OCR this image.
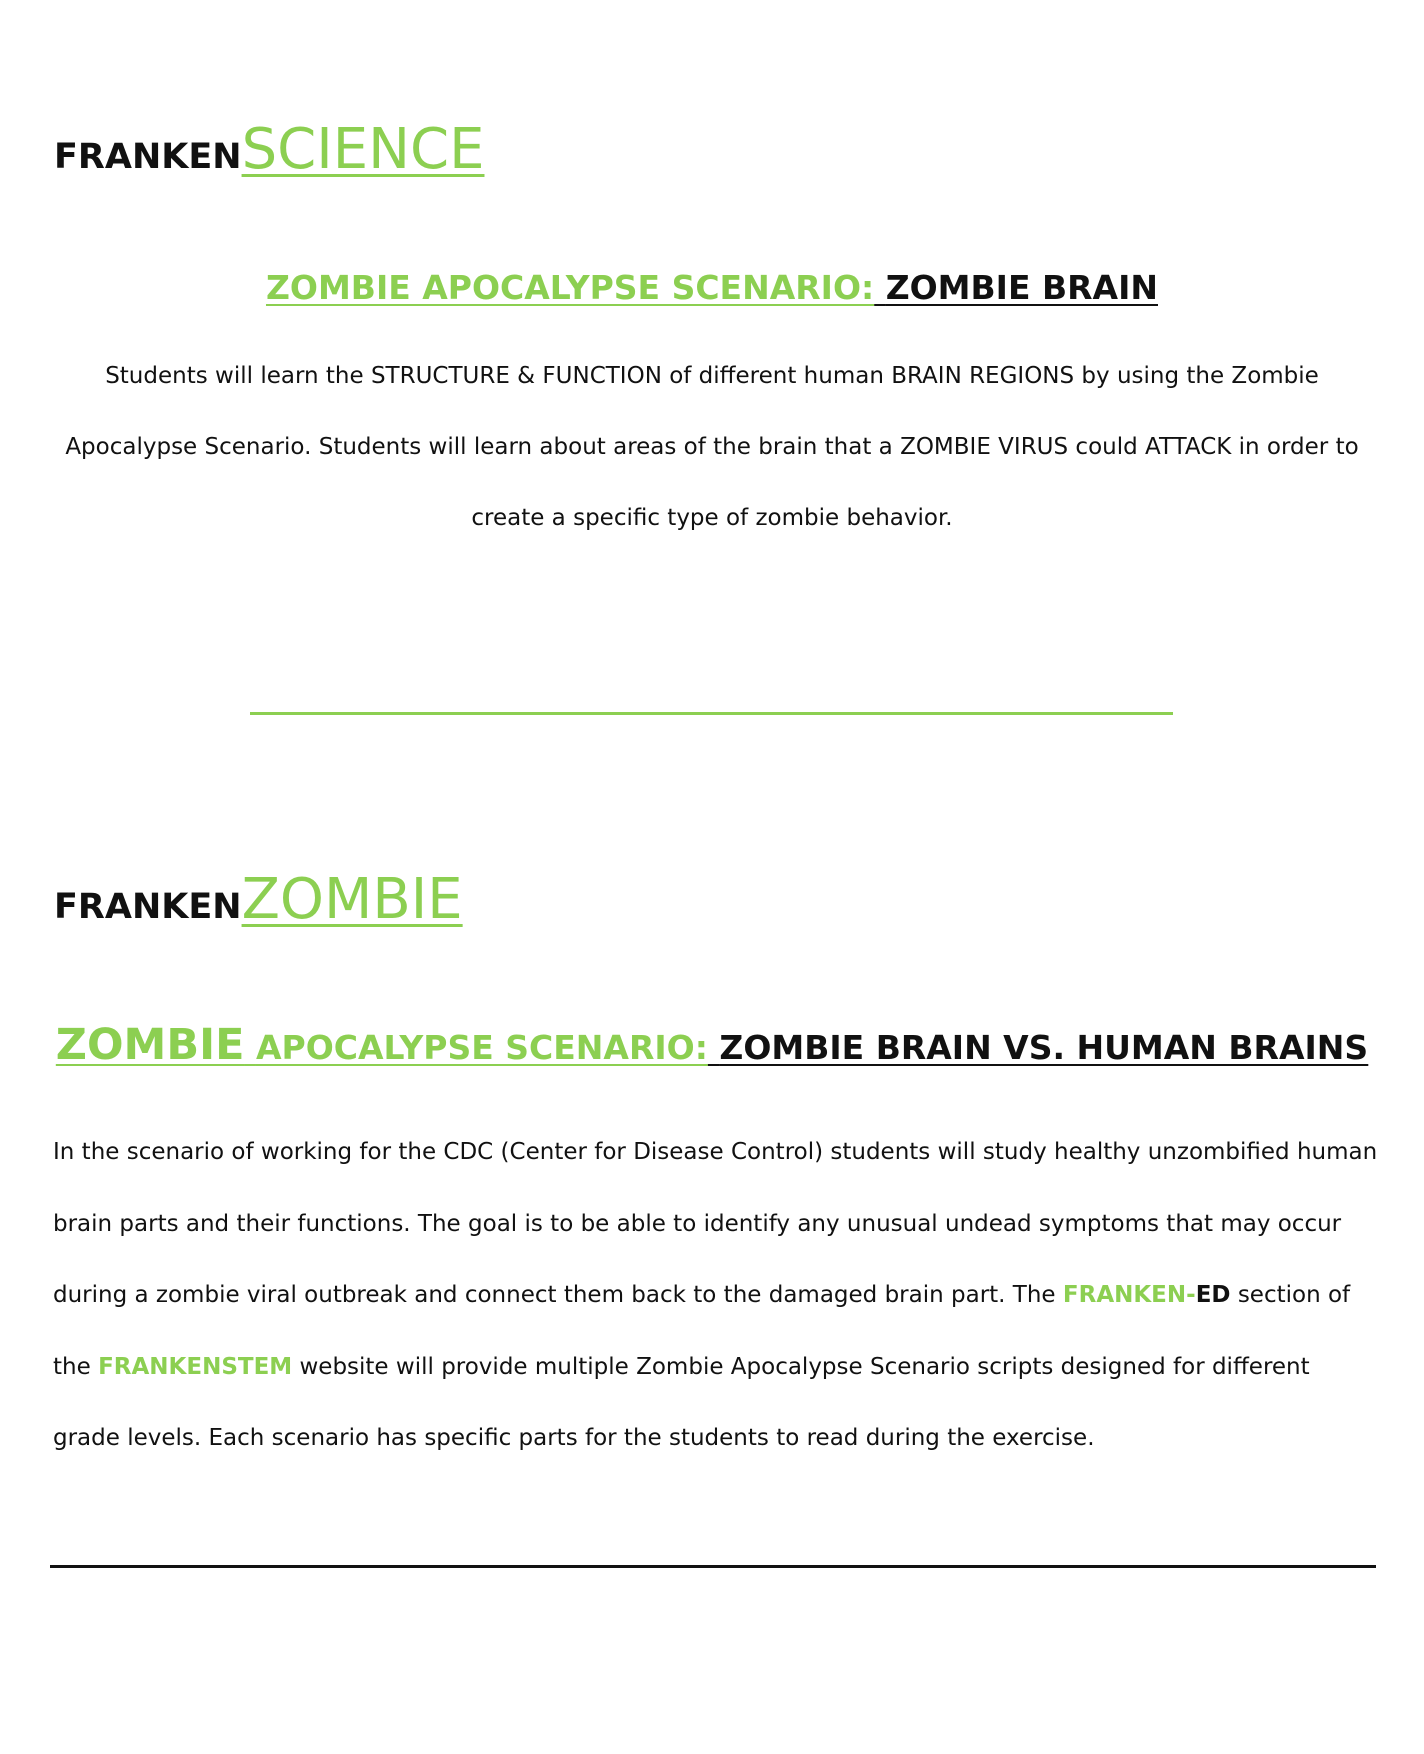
FRANKENSCIENCE
ZOMBIE APOCALYPSE SCENARIO: ZOMBIE BRAIN
Students will learn the STRUCTURE & FUNCTION of different human BRAIN REGIONS by using the Zombie Apocalypse Scenario. Students will learn about areas of the brain that a ZOMBIE VIRUS could ATTACK in order to create a specific type of zombie behavior.
FRANKENZOMBIE
ZOMBIE APOCALYPSE SCENARIO: ZOMBIE BRAIN VS. HUMAN BRAINS
In the scenario of working for the CDC (Center for Disease Control) students will study healthy unzombified human brain parts and their functions. The goal is to be able to identify any unusual undead symptoms that may occur during a zombie viral outbreak and connect them back to the damaged brain part. The FRANKEN-ED section of the FRANKENSTEM website will provide multiple Zombie Apocalypse Scenario scripts designed for different grade levels. Each scenario has specific parts for the students to read during the exercise.
